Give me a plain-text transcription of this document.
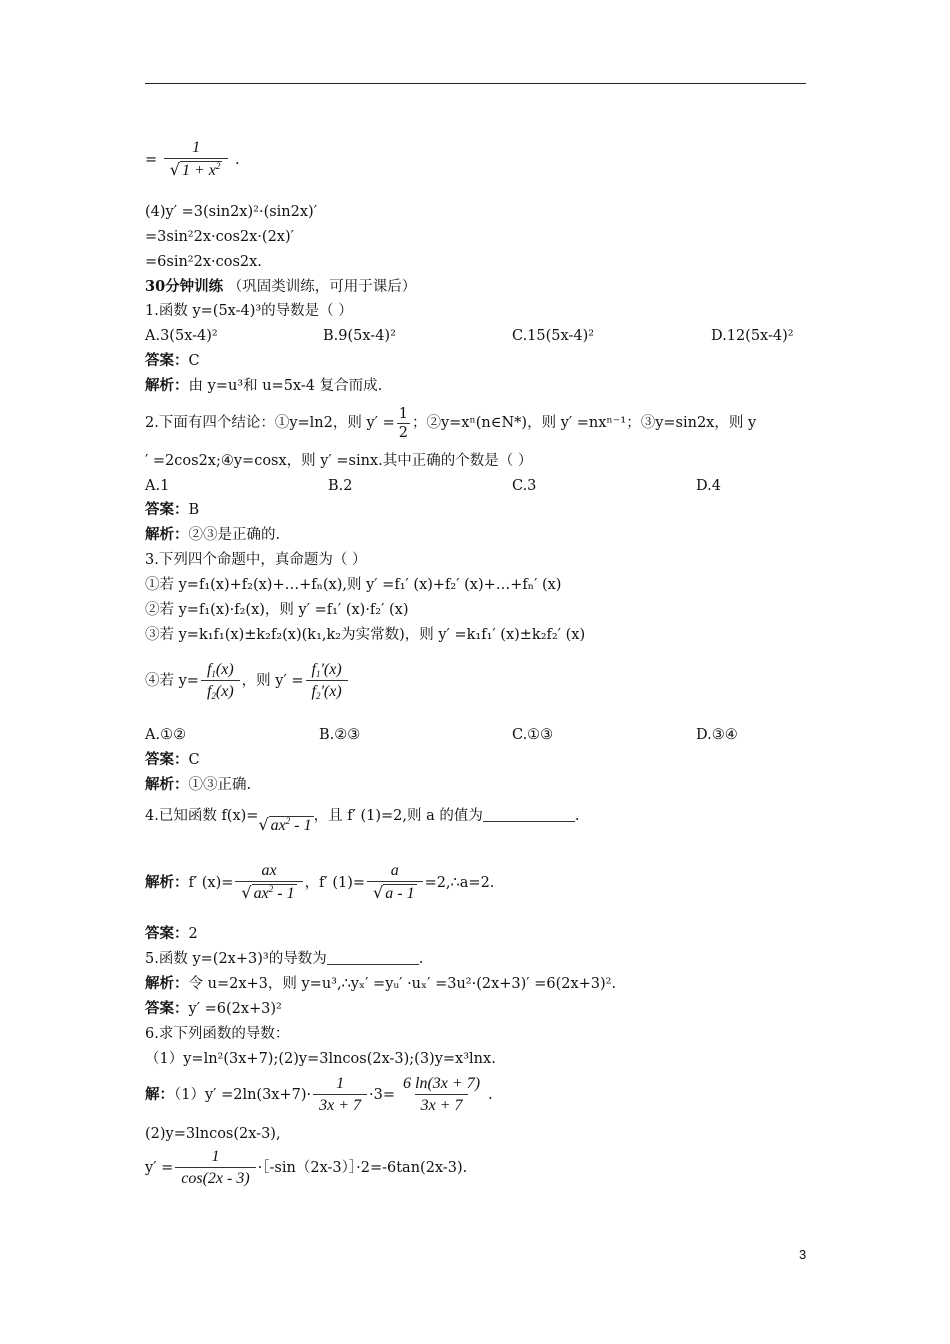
= $\frac{1}{√ 1 + x^2}$ .
(4)y′ =3(sin2x)²·(sin2x)′
=3sin²2x·cos2x·(2x)′
=6sin²2x·cos2x.
30分钟训练 （巩固类训练，可用于课后）
1.函数 y=(5x-4)³的导数是（ ）
A.3(5x-4)²	B.9(5x-4)²	C.15(5x-4)²	D.12(5x-4)²
答案：C
解析：由 y=u³和 u=5x-4 复合而成.
2.下面有四个结论：①y=ln2，则 $y' = \frac{1}{2}$ ；②y=xⁿ(n∈N*)，则 y′ =nxⁿ⁻¹；③y=sin2x，则 y
′ =2cos2x;④y=cosx，则 y′ =sinx.其中正确的个数是（ ）
A.1	B.2	C.3	D.4
答案：B
解析：②③是正确的.
3.下列四个命题中，真命题为（ ）
①若 y=f₁(x)+f₂(x)+…+fₙ(x),则 y′ =f₁′ (x)+f₂′ (x)+…+fₙ′ (x)
②若 y=f₁(x)·f₂(x)，则 y′ =f₁′ (x)·f₂′ (x)
③若 y=k₁f₁(x)±k₂f₂(x)(k₁,k₂为实常数)，则 y′ =k₁f₁′ (x)±k₂f₂′ (x)
④若 $y= \frac{f_1(x)}{f_2(x)}$ ，则 $y' = \frac{f_1'(x)}{f_2'(x)}$
A.①②	B.②③	C.①③	D.③④
答案：C
解析：①③正确.
4.已知函数 f(x)=√ $ax^2 - 1$，且 f′ (1)=2,则 a 的值为	.
解析：f′ $(x)= \frac{ax}{√ ax^2 - 1}$ ，f′ $(1)= \frac{a}{√ a - 1}$ =2,∴a=2.
答案：2
5.函数 y=(2x+3)³的导数为	.
解析：令 u=2x+3，则 y=u³,∴yₓ′ =yᵤ′ ·uₓ′ =3u²·(2x+3)′ =6(2x+3)².
答案：y′ =6(2x+3)²
6.求下列函数的导数：
（1）y=ln²(3x+7);(2)y=3lncos(2x-3);(3)y=x³lnx.
解：$(1)y' =2\ln(3x+7)\cdot \frac{1}{3x + 7} \cdot 3= \frac{6 \ln(3x + 7)}{3x + 7}$ .
(2)y=3lncos(2x-3),
$y' = \frac{1}{\cos(2x - 3)}$ ·［-sin（2x-3）］·2=-6tan(2x-3).
3
